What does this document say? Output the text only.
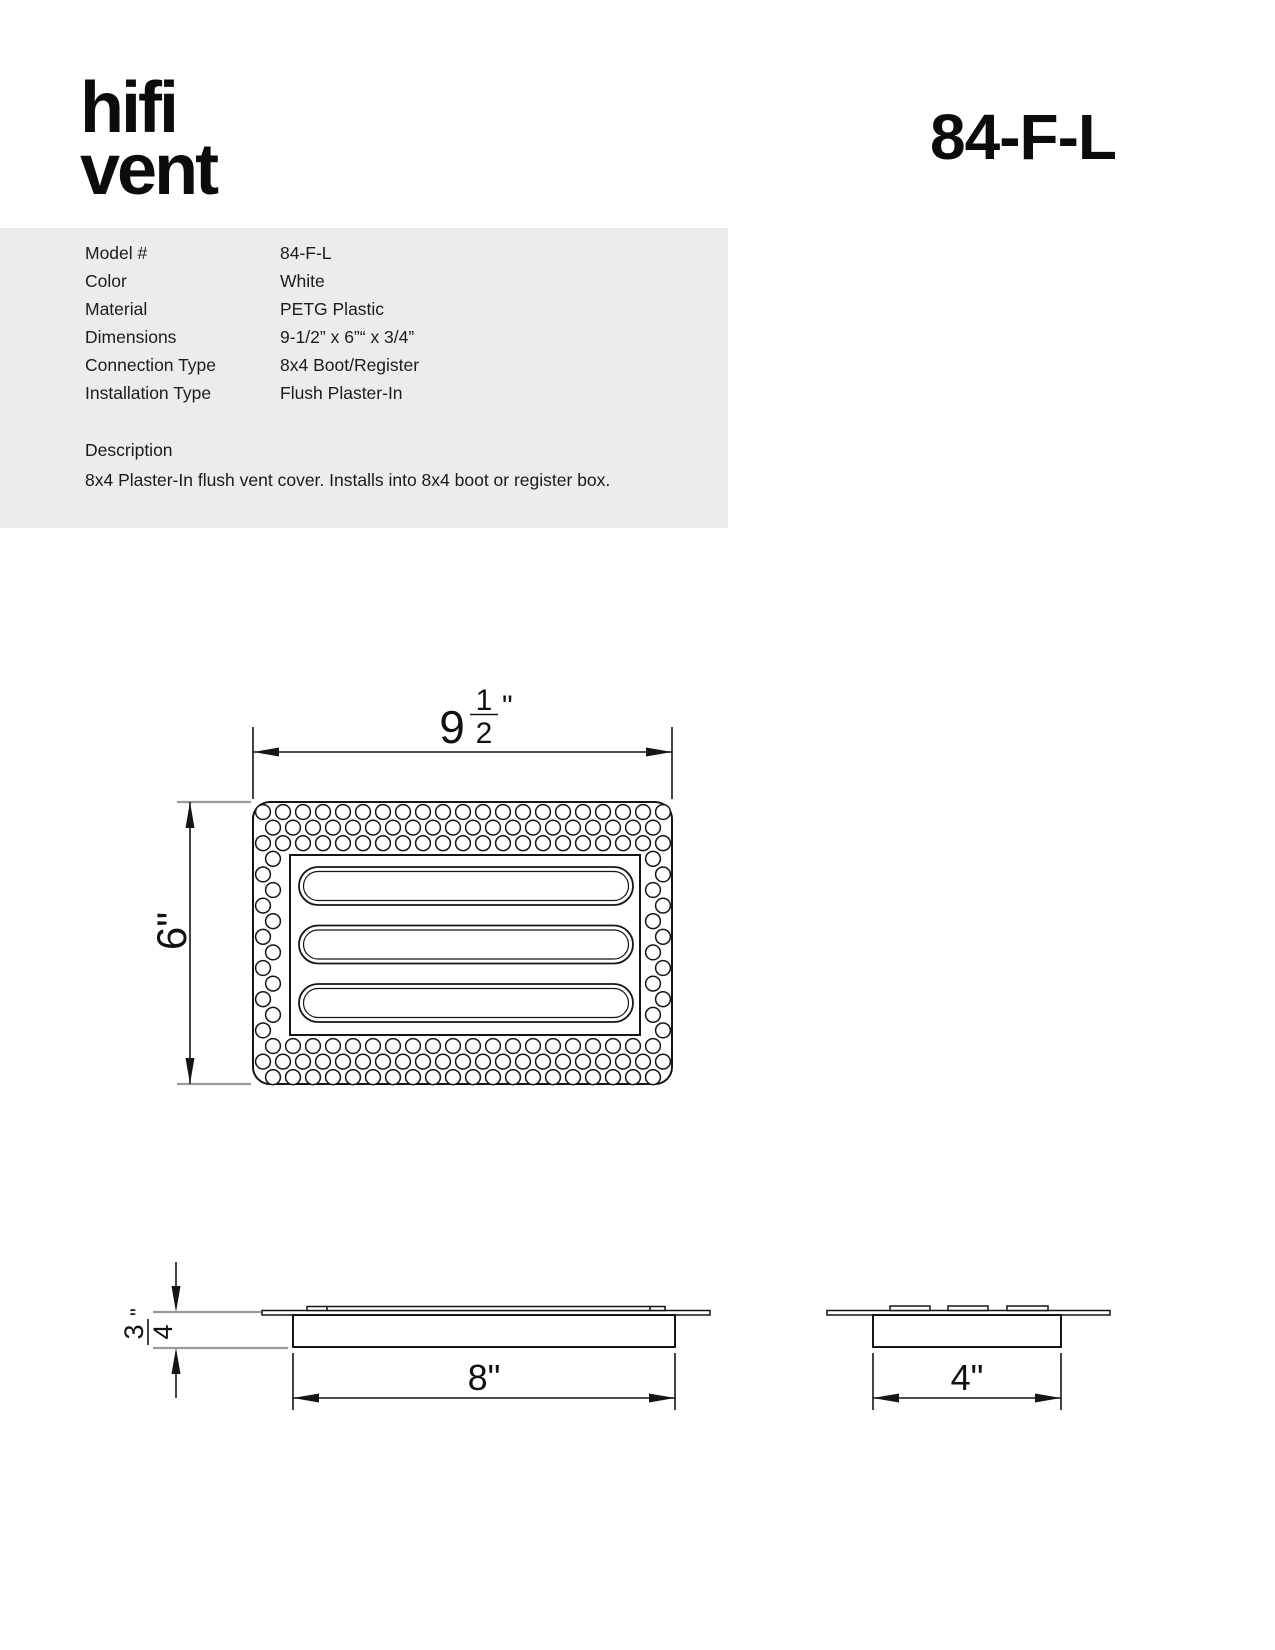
hifi
vent	84-F-L
Model #	84-F-L
Color	White
Material	PETG Plastic
Dimensions	9-1/2” x 6”“ x 3/4”
Connection Type	8x4 Boot/Register
Installation Type	Flush Plaster-In
Description
8x4 Plaster-In flush vent cover. Installs into 8x4 boot or register box.
9
1
2
"
6"
3 4
"
8"	4"
